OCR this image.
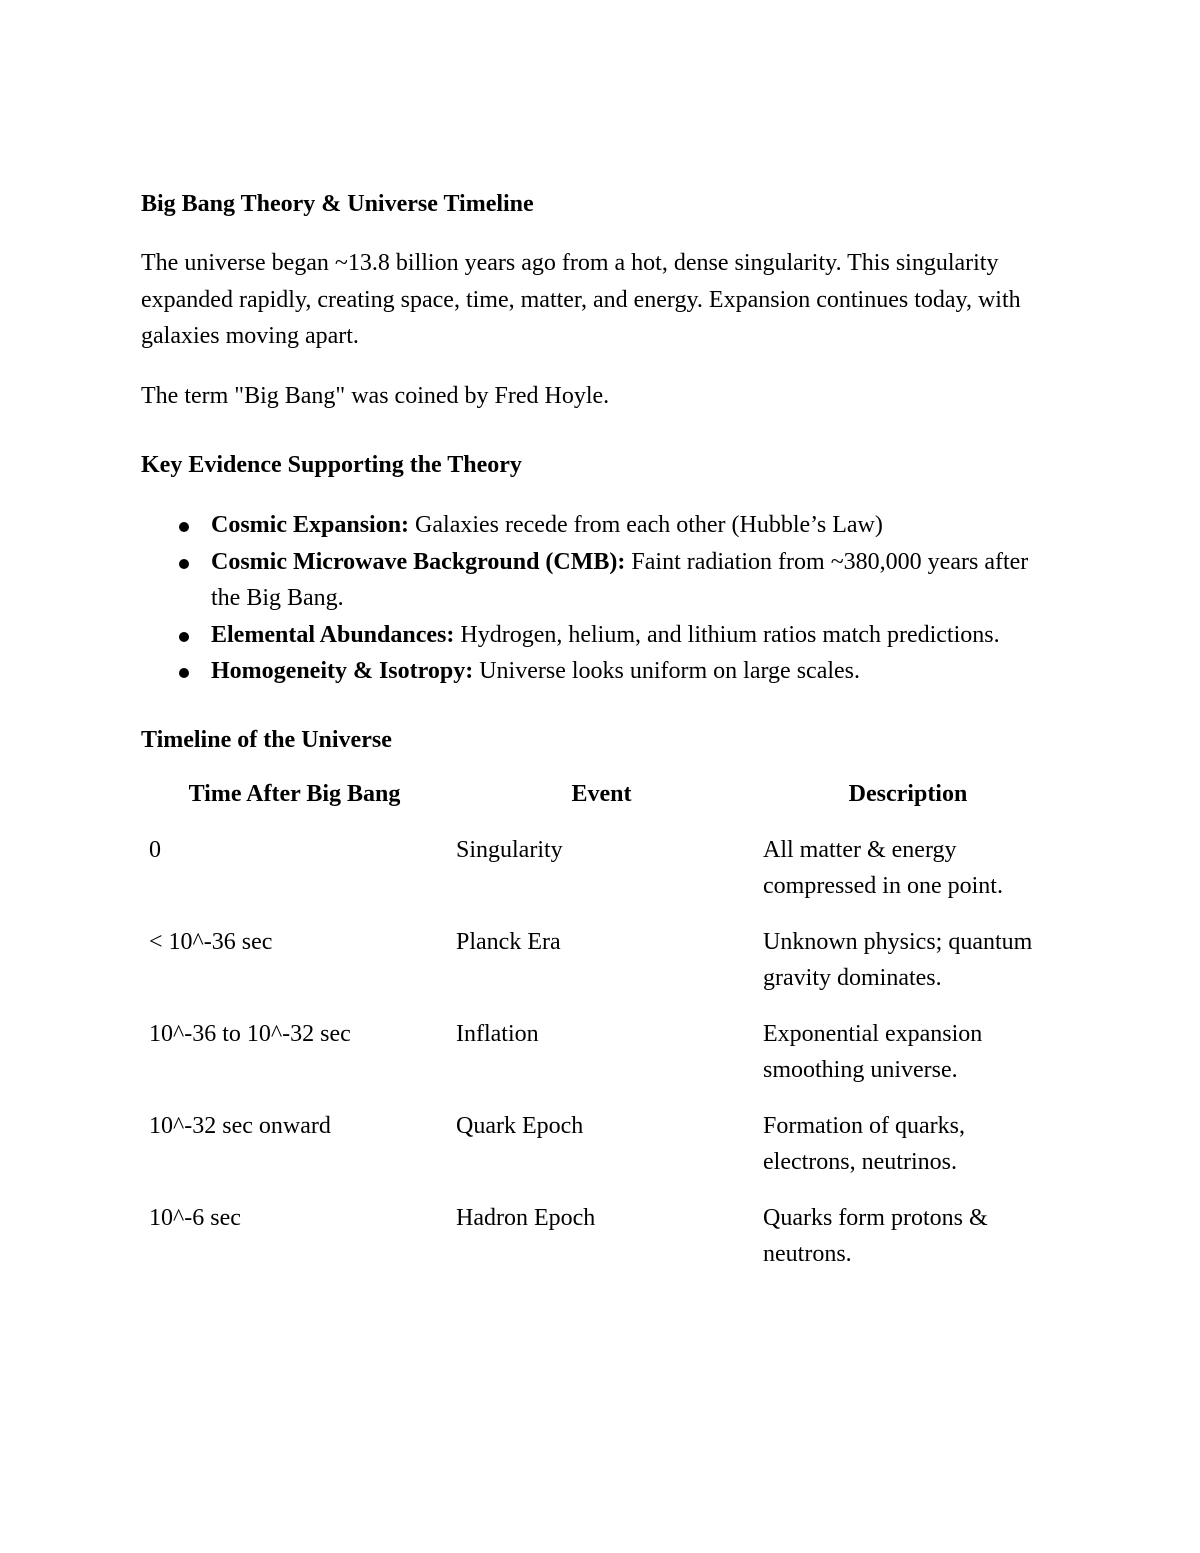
Big Bang Theory & Universe Timeline

The universe began ~13.8 billion years ago from a hot, dense singularity. This singularity expanded rapidly, creating space, time, matter, and energy. Expansion continues today, with galaxies moving apart.

The term "Big Bang" was coined by Fred Hoyle.

Key Evidence Supporting the Theory

Cosmic Expansion: Galaxies recede from each other (Hubble’s Law)
Cosmic Microwave Background (CMB): Faint radiation from ~380,000 years after the Big Bang.
Elemental Abundances: Hydrogen, helium, and lithium ratios match predictions.
Homogeneity & Isotropy: Universe looks uniform on large scales.

Timeline of the Universe

Time After Big Bang	Event	Description
0	Singularity	All matter & energy compressed in one point.
< 10^-36 sec	Planck Era	Unknown physics; quantum gravity dominates.
10^-36 to 10^-32 sec	Inflation	Exponential expansion smoothing universe.
10^-32 sec onward	Quark Epoch	Formation of quarks, electrons, neutrinos.
10^-6 sec	Hadron Epoch	Quarks form protons & neutrons.
